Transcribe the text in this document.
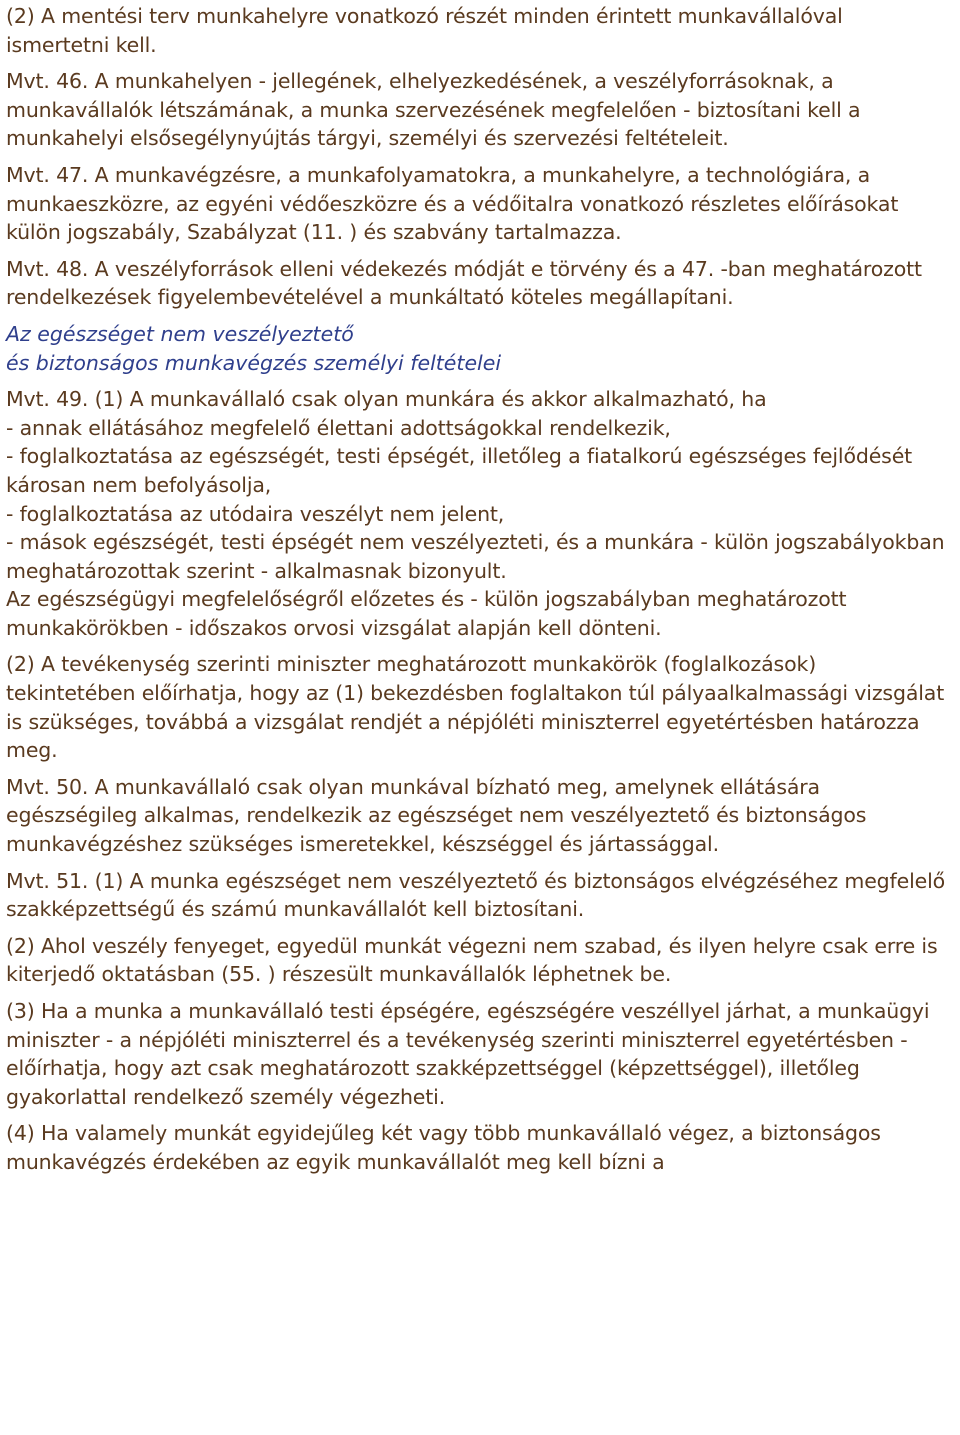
(2) A mentési terv munkahelyre vonatkozó részét minden érintett munkavállalóval ismertetni kell.

Mvt. 46. A munkahelyen - jellegének, elhelyezkedésének, a veszélyforrásoknak, a munkavállalók létszámának, a munka szervezésének megfelelően - biztosítani kell a munkahelyi elsősegélynyújtás tárgyi, személyi és szervezési feltételeit.

Mvt. 47. A munkavégzésre, a munkafolyamatokra, a munkahelyre, a technológiára, a munkaeszközre, az egyéni védőeszközre és a védőitalra vonatkozó részletes előírásokat külön jogszabály, Szabályzat (11. ) és szabvány tartalmazza.

Mvt. 48. A veszélyforrások elleni védekezés módját e törvény és a 47. -ban meghatározott rendelkezések figyelembevételével a munkáltató köteles megállapítani.

Az egészséget nem veszélyeztető
és biztonságos munkavégzés személyi feltételei

Mvt. 49. (1) A munkavállaló csak olyan munkára és akkor alkalmazható, ha

- annak ellátásához megfelelő élettani adottságokkal rendelkezik,

- foglalkoztatása az egészségét, testi épségét, illetőleg a fiatalkorú egészséges fejlődését károsan nem befolyásolja,

- foglalkoztatása az utódaira veszélyt nem jelent,

- mások egészségét, testi épségét nem veszélyezteti, és a munkára - külön jogszabályokban meghatározottak szerint - alkalmasnak bizonyult.

Az egészségügyi megfelelőségről előzetes és - külön jogszabályban meghatározott munkakörökben - időszakos orvosi vizsgálat alapján kell dönteni.

(2) A tevékenység szerinti miniszter meghatározott munkakörök (foglalkozások) tekintetében előírhatja, hogy az (1) bekezdésben foglaltakon túl pályaalkalmassági vizsgálat is szükséges, továbbá a vizsgálat rendjét a népjóléti miniszterrel egyetértésben határozza meg.

Mvt. 50. A munkavállaló csak olyan munkával bízható meg, amelynek ellátására egészségileg alkalmas, rendelkezik az egészséget nem veszélyeztető és biztonságos munkavégzéshez szükséges ismeretekkel, készséggel és jártassággal.

Mvt. 51. (1) A munka egészséget nem veszélyeztető és biztonságos elvégzéséhez megfelelő szakképzettségű és számú munkavállalót kell biztosítani.

(2) Ahol veszély fenyeget, egyedül munkát végezni nem szabad, és ilyen helyre csak erre is kiterjedő oktatásban (55. ) részesült munkavállalók léphetnek be.

(3) Ha a munka a munkavállaló testi épségére, egészségére veszéllyel járhat, a munkaügyi miniszter - a népjóléti miniszterrel és a tevékenység szerinti miniszterrel egyetértésben - előírhatja, hogy azt csak meghatározott szakképzettséggel (képzettséggel), illetőleg gyakorlattal rendelkező személy végezheti.

(4) Ha valamely munkát egyidejűleg két vagy több munkavállaló végez, a biztonságos munkavégzés érdekében az egyik munkavállalót meg kell bízni a
